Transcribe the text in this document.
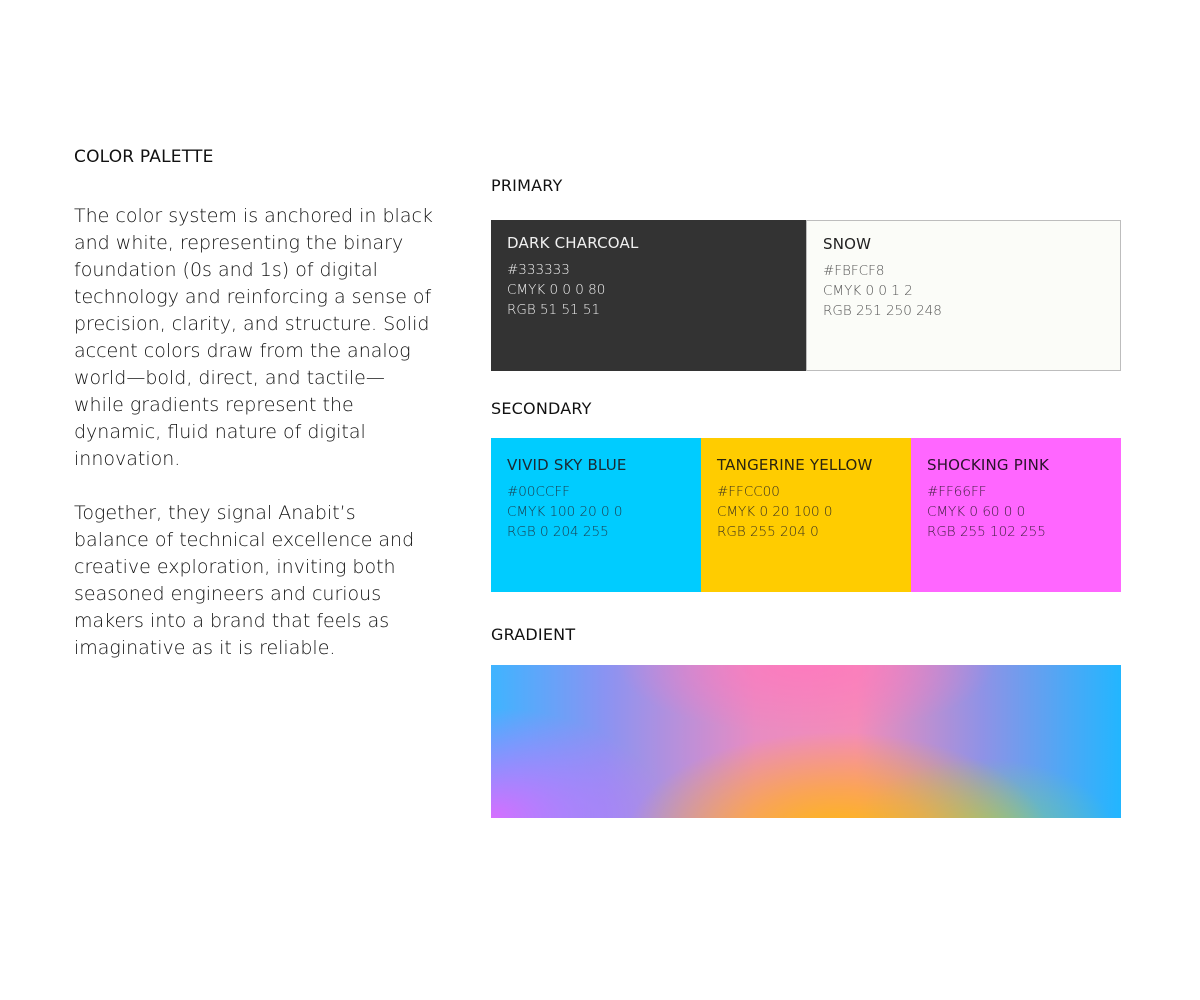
COLOR PALETTE
The color system is anchored in black and white, representing the binary foundation (0s and 1s) of digital technology and reinforcing a sense of precision, clarity, and structure. Solid accent colors draw from the analog world—bold, direct, and tactile—while gradients represent the dynamic, fluid nature of digital innovation.
Together, they signal Anabit’s balance of technical excellence and creative exploration, inviting both seasoned engineers and curious makers into a brand that feels as imaginative as it is reliable.
PRIMARY
DARK CHARCOAL
#333333
CMYK 0 0 0 80
RGB 51 51 51
SNOW
#FBFCF8
CMYK 0 0 1 2
RGB 251 250 248
SECONDARY
VIVID SKY BLUE
#00CCFF
CMYK 100 20 0 0
RGB 0 204 255
TANGERINE YELLOW
#FFCC00
CMYK 0 20 100 0
RGB 255 204 0
SHOCKING PINK
#FF66FF
CMYK 0 60 0 0
RGB 255 102 255
GRADIENT
